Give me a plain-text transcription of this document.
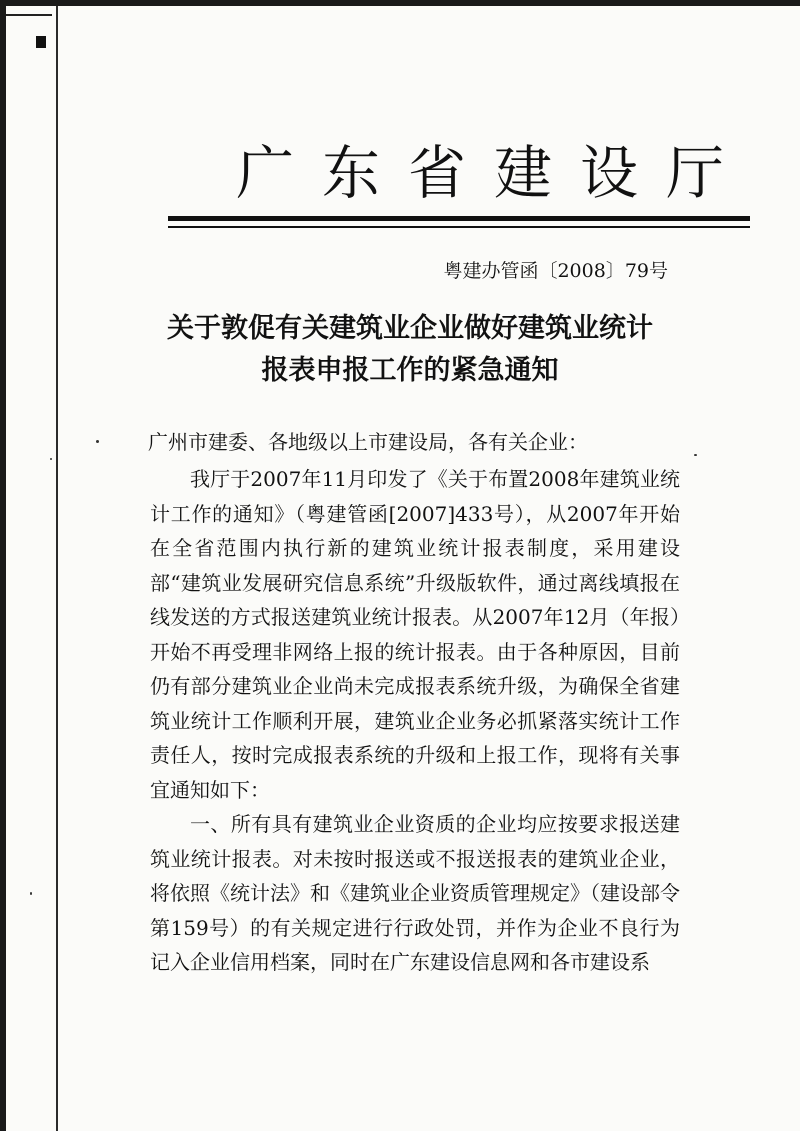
广东省建设厅
粤建办管函〔2008〕79号
关于敦促有关建筑业企业做好建筑业统计
报表申报工作的紧急通知
广州市建委、各地级以上市建设局，各有关企业：

我厅于2007年11月印发了《关于布置2008年建筑业统计工作的通知》（粤建管函[2007]433号），从2007年开始在全省范围内执行新的建筑业统计报表制度，采用建设部“建筑业发展研究信息系统”升级版软件，通过离线填报在线发送的方式报送建筑业统计报表。从2007年12月（年报）开始不再受理非网络上报的统计报表。由于各种原因，目前仍有部分建筑业企业尚未完成报表系统升级，为确保全省建筑业统计工作顺利开展，建筑业企业务必抓紧落实统计工作责任人，按时完成报表系统的升级和上报工作，现将有关事宜通知如下：

一、所有具有建筑业企业资质的企业均应按要求报送建筑业统计报表。对未按时报送或不报送报表的建筑业企业，将依照《统计法》和《建筑业企业资质管理规定》（建设部令第159号）的有关规定进行行政处罚，并作为企业不良行为记入企业信用档案，同时在广东建设信息网和各市建设系
